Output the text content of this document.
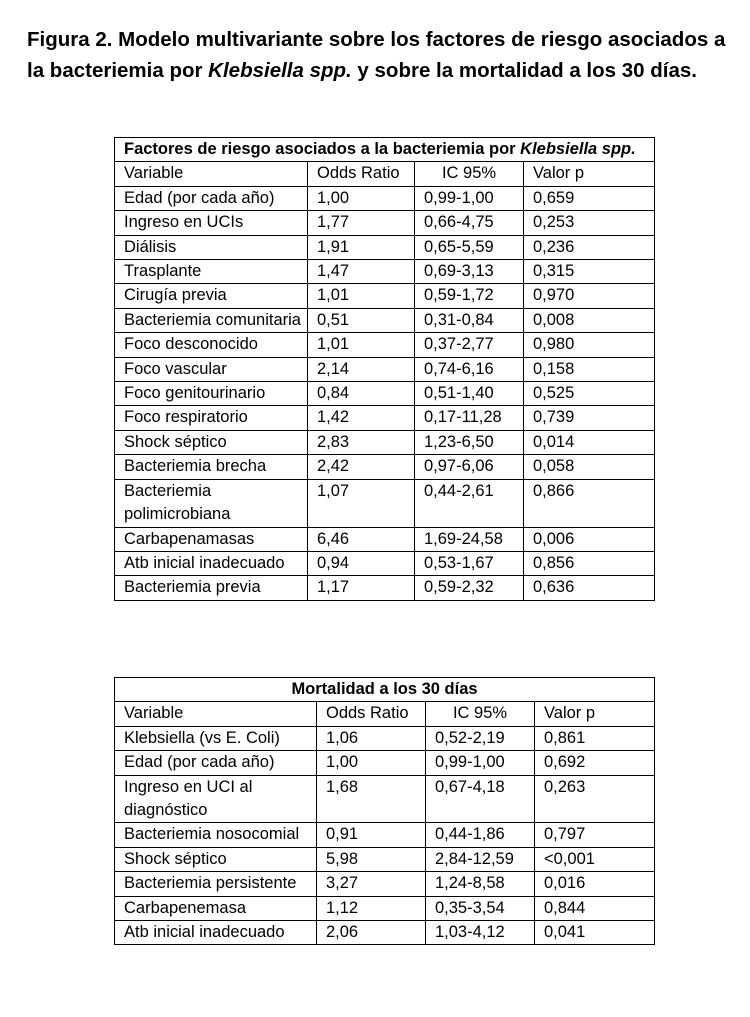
Figura 2. Modelo multivariante sobre los factores de riesgo asociados a la bacteriemia por Klebsiella spp. y sobre la mortalidad a los 30 días.
Factores de riesgo asociados a la bacteriemia por Klebsiella spp.			
Variable	Odds Ratio	IC 95%	Valor p
Edad (por cada año)	1,00	0,99-1,00	0,659
Ingreso en UCIs	1,77	0,66-4,75	0,253
Diálisis	1,91	0,65-5,59	0,236
Trasplante	1,47	0,69-3,13	0,315
Cirugía previa	1,01	0,59-1,72	0,970
Bacteriemia comunitaria	0,51	0,31-0,84	0,008
Foco desconocido	1,01	0,37-2,77	0,980
Foco vascular	2,14	0,74-6,16	0,158
Foco genitourinario	0,84	0,51-1,40	0,525
Foco respiratorio	1,42	0,17-11,28	0,739
Shock séptico	2,83	1,23-6,50	0,014
Bacteriemia brecha	2,42	0,97-6,06	0,058
Bacteriemia polimicrobiana	1,07	0,44-2,61	0,866
Carbapenamasas	6,46	1,69-24,58	0,006
Atb inicial inadecuado	0,94	0,53-1,67	0,856
Bacteriemia previa	1,17	0,59-2,32	0,636
Mortalidad a los 30 días			
Variable	Odds Ratio	IC 95%	Valor p
Klebsiella (vs E. Coli)	1,06	0,52-2,19	0,861
Edad (por cada año)	1,00	0,99-1,00	0,692
Ingreso en UCI al diagnóstico	1,68	0,67-4,18	0,263
Bacteriemia nosocomial	0,91	0,44-1,86	0,797
Shock séptico	5,98	2,84-12,59	<0,001
Bacteriemia persistente	3,27	1,24-8,58	0,016
Carbapenemasa	1,12	0,35-3,54	0,844
Atb inicial inadecuado	2,06	1,03-4,12	0,041
